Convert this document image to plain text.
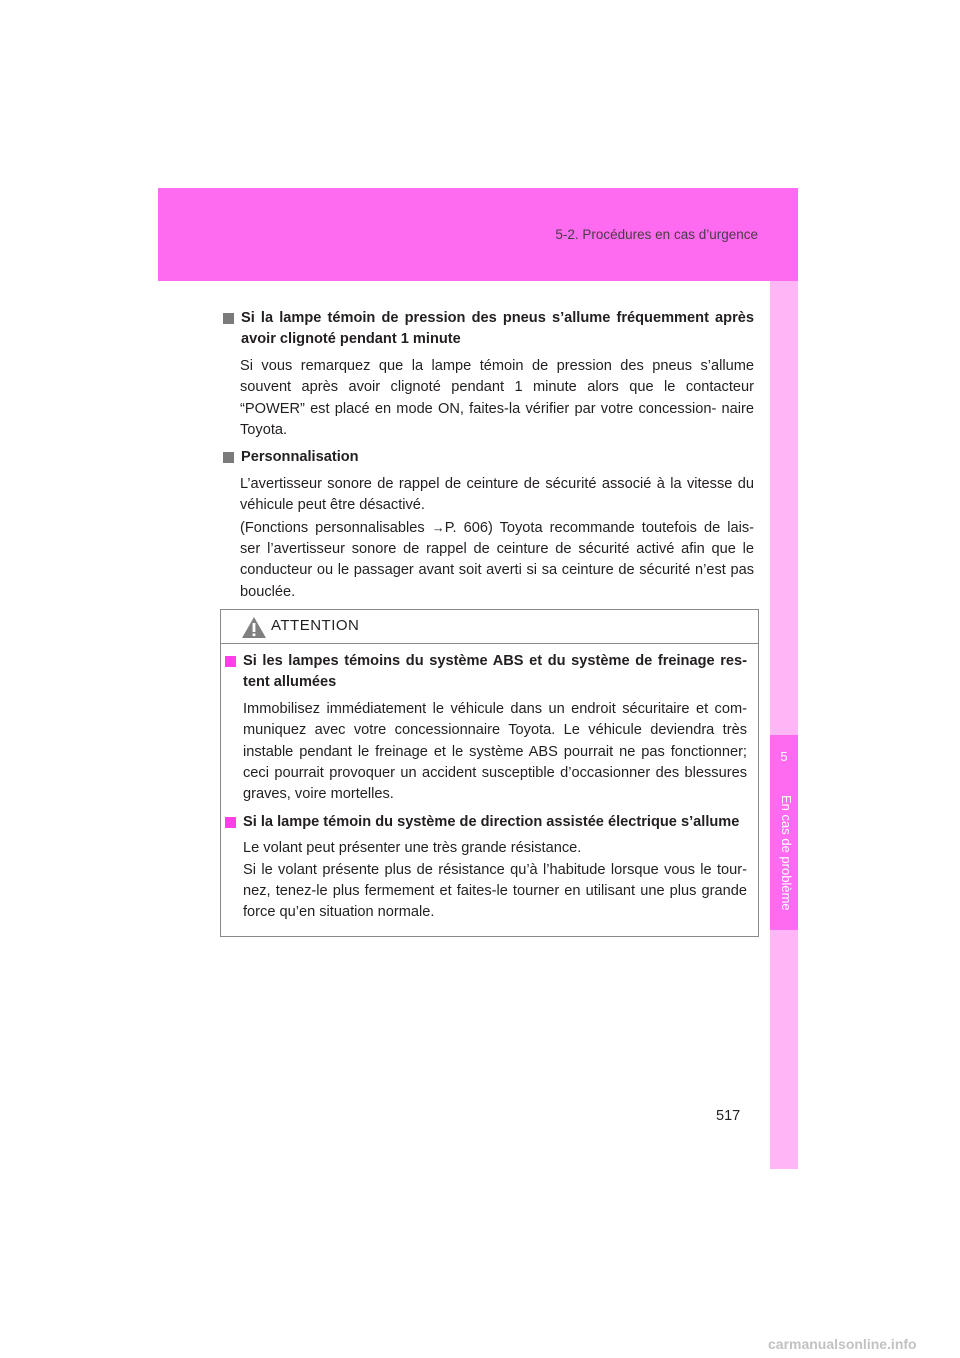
5-2. Procédures en cas d’urgence
5
En cas de problème
Si la lampe témoin de pression des pneus s’allume fréquemment après avoir clignoté pendant 1 minute
Si vous remarquez que la lampe témoin de pression des pneus s’allume souvent après avoir clignoté pendant 1 minute alors que le contacteur “POWER” est placé en mode ON, faites-la vérifier par votre concession- naire Toyota.
Personnalisation

L’avertisseur sonore de rappel de ceinture de sécurité associé à la vitesse du véhicule peut être désactivé.

(Fonctions personnalisables →P. 606) Toyota recommande toutefois de lais- ser l’avertisseur sonore de rappel de ceinture de sécurité activé afin que le conducteur ou le passager avant soit averti si sa ceinture de sécurité n’est pas bouclée.

ATTENTION
Si les lampes témoins du système ABS et du système de freinage res- tent allumées
Immobilisez immédiatement le véhicule dans un endroit sécuritaire et com- muniquez avec votre concessionnaire Toyota. Le véhicule deviendra très instable pendant le freinage et le système ABS pourrait ne pas fonctionner; ceci pourrait provoquer un accident susceptible d’occasionner des blessures graves, voire mortelles.
Si la lampe témoin du système de direction assistée électrique s’allume

Le volant peut présenter une très grande résistance.

Si le volant présente plus de résistance qu’à l’habitude lorsque vous le tour- nez, tenez-le plus fermement et faites-le tourner en utilisant une plus grande force qu’en situation normale.

517
carmanualsonline.info
